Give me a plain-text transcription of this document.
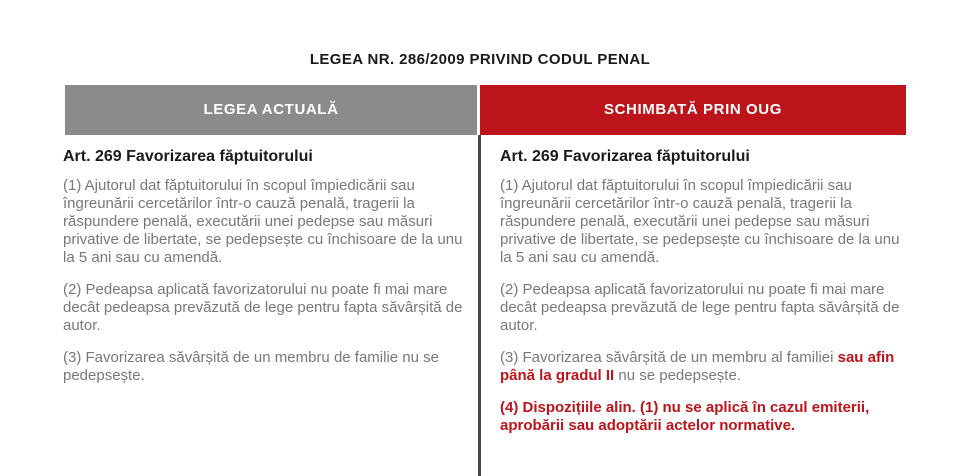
LEGEA NR. 286/2009 PRIVIND CODUL PENAL
LEGEA ACTUALĂ	SCHIMBATĂ PRIN OUG
Art. 269 Favorizarea făptuitorului

(1) Ajutorul dat făptuitorului în scopul împiedicării sau îngreunării cercetărilor într-o cauză penală, tragerii la răspundere penală, executării unei pedepse sau măsuri privative de libertate, se pedepsește cu închisoare de la unu la 5 ani sau cu amendă.

(2) Pedeapsa aplicată favorizatorului nu poate fi mai mare decât pedeapsa prevăzută de lege pentru fapta săvârșită de autor.

(3) Favorizarea săvârșită de un membru de familie nu se pedepsește.

Art. 269 Favorizarea făptuitorului

(1) Ajutorul dat făptuitorului în scopul împiedicării sau îngreunării cercetărilor într-o cauză penală, tragerii la răspundere penală, executării unei pedepse sau măsuri privative de libertate, se pedepsește cu închisoare de la unu la 5 ani sau cu amendă.

(2) Pedeapsa aplicată favorizatorului nu poate fi mai mare decât pedeapsa prevăzută de lege pentru fapta săvârșită de autor.

(3) Favorizarea săvârșită de un membru al familiei sau afin până la gradul II nu se pedepsește.

(4) Dispozițiile alin. (1) nu se aplică în cazul emiterii, aprobării sau adoptării actelor normative.
